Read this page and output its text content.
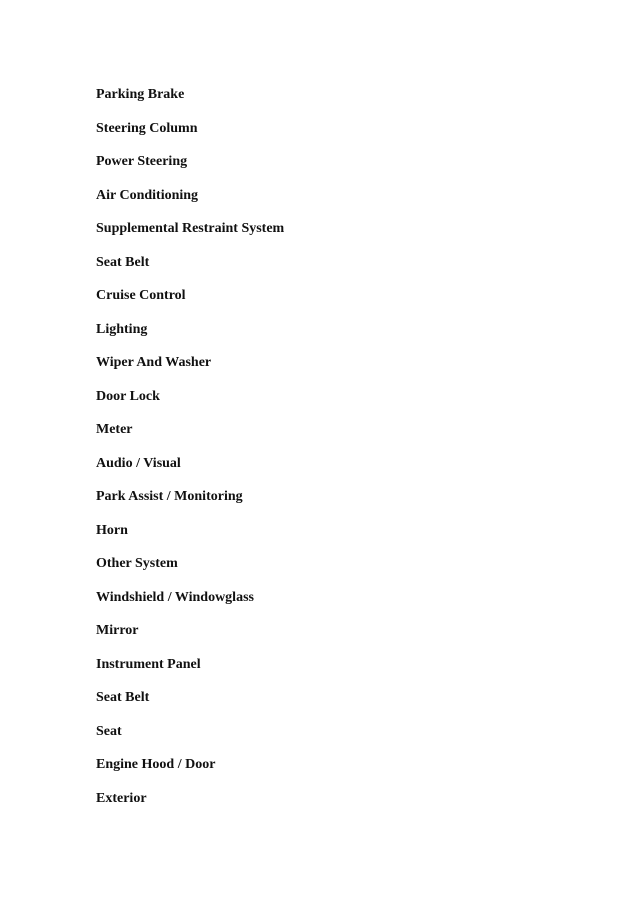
Parking Brake
Steering Column
Power Steering
Air Conditioning
Supplemental Restraint System
Seat Belt
Cruise Control
Lighting
Wiper And Washer
Door Lock
Meter
Audio / Visual
Park Assist / Monitoring
Horn
Other System
Windshield / Windowglass
Mirror
Instrument Panel
Seat Belt
Seat
Engine Hood / Door
Exterior
